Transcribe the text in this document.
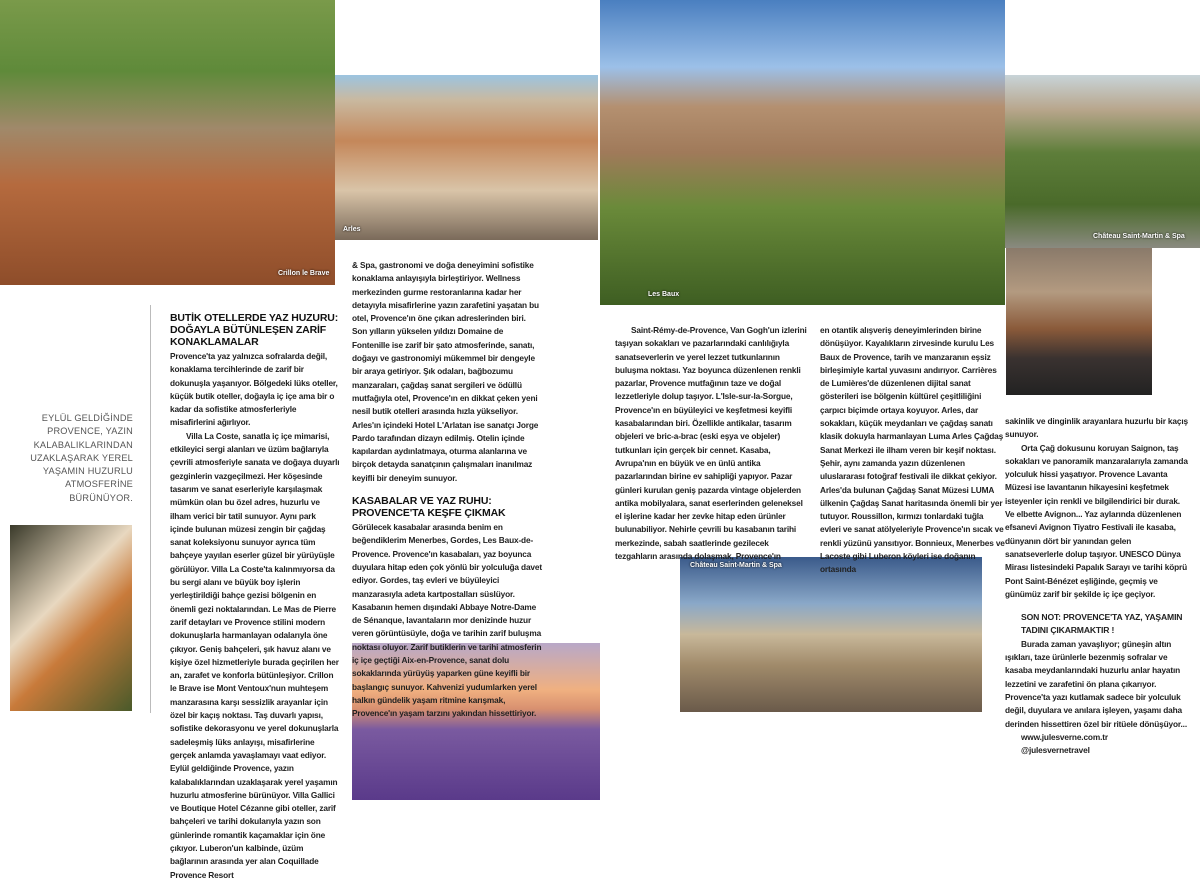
Crillon le Brave
Arles
Les Baux
Château Saint-Martin & Spa
Château Saint-Martin & Spa
EYLÜL GELDİĞİNDE PROVENCE, YAZIN KALABALIKLARINDAN UZAKLAŞARAK YEREL YAŞAMIN HUZURLU ATMOSFERİNE BÜRÜNÜYOR.
BUTİK OTELLERDE YAZ HUZURU: DOĞAYLA BÜTÜNLEŞEN ZARİF KONAKLAMALAR

Provence'ta yaz yalnızca sofralarda değil, konaklama tercihlerinde de zarif bir dokunuşla yaşanıyor. Bölgedeki lüks oteller, küçük butik oteller, doğayla iç içe ama bir o kadar da sofistike atmosferleriyle misafirlerini ağırlıyor.

Villa La Coste, sanatla iç içe mimarisi, etkileyici sergi alanları ve üzüm bağlarıyla çevrili atmosferiyle sanata ve doğaya duyarlı gezginlerin vazgeçilmezi. Her köşesinde tasarım ve sanat eserleriyle karşılaşmak mümkün olan bu özel adres, huzurlu ve ilham verici bir tatil sunuyor. Aynı park içinde bulunan müzesi zengin bir çağdaş sanat koleksiyonu sunuyor ayrıca tüm bahçeye yayılan eserler güzel bir yürüyüşle görülüyor. Villa La Coste'ta kalınmıyorsa da bu sergi alanı ve büyük boy işlerin yerleştirildiği bahçe gezisi bölgenin en önemli gezi noktalarından. Le Mas de Pierre zarif detayları ve Provence stilini modern dokunuşlarla harmanlayan odalarıyla öne çıkıyor. Geniş bahçeleri, şık havuz alanı ve kişiye özel hizmetleriyle burada geçirilen her an, zarafet ve konforla bütünleşiyor. Crillon le Brave ise Mont Ventoux'nun muhteşem manzarasına karşı sessizlik arayanlar için özel bir kaçış noktası. Taş duvarlı yapısı, sofistike dekorasyonu ve yerel dokunuşlarla sadeleşmiş lüks anlayışı, misafirlerine gerçek anlamda yavaşlamayı vaat ediyor. Eylül geldiğinde Provence, yazın kalabalıklarından uzaklaşarak yerel yaşamın huzurlu atmosferine bürünüyor. Villa Gallici ve Boutique Hotel Cézanne gibi oteller, zarif bahçeleri ve tarihi dokularıyla yazın son günlerinde romantik kaçamaklar için öne çıkıyor. Luberon'un kalbinde, üzüm bağlarının arasında yer alan Coquillade Provence Resort

& Spa, gastronomi ve doğa deneyimini sofistike konaklama anlayışıyla birleştiriyor. Wellness merkezinden gurme restoranlarına kadar her detayıyla misafirlerine yazın zarafetini yaşatan bu otel, Provence'ın öne çıkan adreslerinden biri. Son yılların yükselen yıldızı Domaine de Fontenille ise zarif bir şato atmosferinde, sanatı, doğayı ve gastronomiyi mükemmel bir dengeyle bir araya getiriyor. Şık odaları, bağbozumu manzaraları, çağdaş sanat sergileri ve ödüllü mutfağıyla otel, Provence'ın en dikkat çeken yeni nesil butik otelleri arasında hızla yükseliyor. Arles'ın içindeki Hotel L'Arlatan ise sanatçı Jorge Pardo tarafından dizayn edilmiş. Otelin içinde kapılardan aydınlatmaya, oturma alanlarına ve birçok detayda sanatçının çalışmaları inanılmaz keyifli bir deneyim sunuyor.

KASABALAR VE YAZ RUHU: PROVENCE'TA KEŞFE ÇIKMAK

Görülecek kasabalar arasında benim en beğendiklerim Menerbes, Gordes, Les Baux-de-Provence. Provence'ın kasabaları, yaz boyunca duyulara hitap eden çok yönlü bir yolculuğa davet ediyor. Gordes, taş evleri ve büyüleyici manzarasıyla adeta kartpostalları süslüyor. Kasabanın hemen dışındaki Abbaye Notre-Dame de Sénanque, lavantaların mor denizinde huzur veren görüntüsüyle, doğa ve tarihin zarif buluşma noktası oluyor. Zarif butiklerin ve tarihi atmosferin iç içe geçtiği Aix-en-Provence, sanat dolu sokaklarında yürüyüş yaparken güne keyifli bir başlangıç sunuyor. Kahvenizi yudumlarken yerel halkın gündelik yaşam ritmine karışmak, Provence'ın yaşam tarzını yakından hissettiriyor.

Saint-Rémy-de-Provence, Van Gogh'un izlerini taşıyan sokakları ve pazarlarındaki canlılığıyla sanatseverlerin ve yerel lezzet tutkunlarının buluşma noktası. Yaz boyunca düzenlenen renkli pazarlar, Provence mutfağının taze ve doğal lezzetleriyle dolup taşıyor. L'Isle-sur-la-Sorgue, Provence'ın en büyüleyici ve keşfetmesi keyifli kasabalarından biri. Özellikle antikalar, tasarım objeleri ve bric-a-brac (eski eşya ve objeler) tutkunları için gerçek bir cennet. Kasaba, Avrupa'nın en büyük ve en ünlü antika pazarlarından birine ev sahipliği yapıyor. Pazar günleri kurulan geniş pazarda vintage objelerden antika mobilyalara, sanat eserlerinden geleneksel el işlerine kadar her zevke hitap eden ürünler bulunabiliyor. Nehirle çevrili bu kasabanın tarihi merkezinde, sabah saatlerinde gezilecek tezgahların arasında dolaşmak, Provence'ın

en otantik alışveriş deneyimlerinden birine dönüşüyor. Kayalıkların zirvesinde kurulu Les Baux de Provence, tarih ve manzaranın eşsiz birleşimiyle kartal yuvasını andırıyor. Carrières de Lumières'de düzenlenen dijital sanat gösterileri ise bölgenin kültürel çeşitliliğini çarpıcı biçimde ortaya koyuyor. Arles, dar sokakları, küçük meydanları ve çağdaş sanatı klasik dokuyla harmanlayan Luma Arles Çağdaş Sanat Merkezi ile ilham veren bir keşif noktası. Şehir, aynı zamanda yazın düzenlenen uluslararası fotoğraf festivali ile dikkat çekiyor. Arles'da bulunan Çağdaş Sanat Müzesi LUMA ülkenin Çağdaş Sanat haritasında önemli bir yer tutuyor. Roussillon, kırmızı tonlardaki tuğla evleri ve sanat atölyeleriyle Provence'ın sıcak ve renkli yüzünü yansıtıyor. Bonnieux, Menerbes ve Lacoste gibi Luberon köyleri ise doğanın ortasında

sakinlik ve dinginlik arayanlara huzurlu bir kaçış sunuyor.

Orta Çağ dokusunu koruyan Saignon, taş sokakları ve panoramik manzaralarıyla zamanda yolculuk hissi yaşatıyor. Provence Lavanta Müzesi ise lavantanın hikayesini keşfetmek isteyenler için renkli ve bilgilendirici bir durak. Ve elbette Avignon... Yaz aylarında düzenlenen efsanevi Avignon Tiyatro Festivali ile kasaba, dünyanın dört bir yanından gelen sanatseverlerle dolup taşıyor. UNESCO Dünya Mirası listesindeki Papalık Sarayı ve tarihi köprü Pont Saint-Bénézet eşliğinde, geçmiş ve günümüz zarif bir şekilde iç içe geçiyor.

SON NOT: PROVENCE'TA YAZ, YAŞAMIN TADINI ÇIKARMAKTIR !

Burada zaman yavaşlıyor; güneşin altın ışıkları, taze ürünlerle bezenmiş sofralar ve kasaba meydanlarındaki huzurlu anlar hayatın lezzetini ve zarafetini ön plana çıkarıyor. Provence'ta yazı kutlamak sadece bir yolculuk değil, duyulara ve anılara işleyen, yaşamı daha derinden hissettiren özel bir ritüele dönüşüyor...

www.julesverne.com.tr

@julesvernetravel
